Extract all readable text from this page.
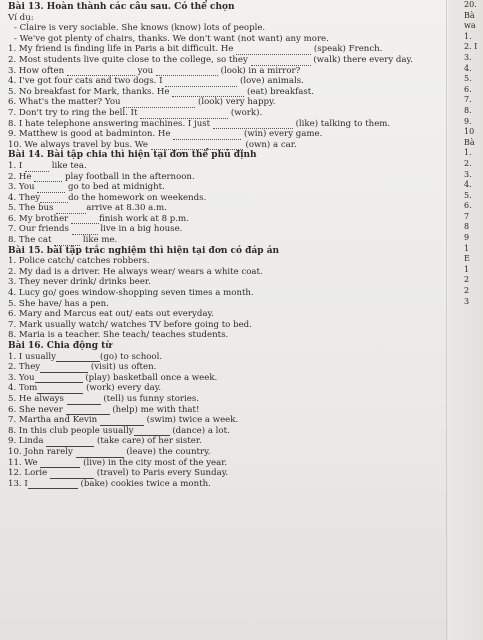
Bài 13. Hoàn thành các câu sau. Có thể chọn
Ví dụ:
- Claire is very sociable. She knows (know) lots of people.
- We've got plenty of chairs, thanks. We don't want (not want) any more.
1. My friend is finding life in Paris a bit difficult. He	(speak) French.
2. Most students live quite close to the college, so they	(walk) there every day.
3. How often	you	(look) in a mirror?
4. I've got four cats and two dogs. I	(love) animals.
5. No breakfast for Mark, thanks. He	(eat) breakfast.
6. What's the matter? You	(look) very happy.
7. Don't try to ring the bell. It	(work).
8. I hate telephone answering machines. I just	(like) talking to them.
9. Matthew is good at badminton. He	(win) every game.
10. We always travel by bus. We	(own) a car.
Bài 14. Bài tập chia thì hiện tại đơn thể phủ định
1. I	like tea.
2. He	play football in the afternoon.
3. You	go to bed at midnight.
4. They	do the homework on weekends.
5. The bus	arrive at 8.30 a.m.
6. My brother	finish work at 8 p.m.
7. Our friends	live in a big house.
8. The cat	like me.
Bài 15. bài tập trắc nghiệm thì hiện tại đơn có đáp án
1. Police catch/ catches robbers.
2. My dad is a driver. He always wear/ wears a white coat.
3. They never drink/ drinks beer.
4. Lucy go/ goes window-shopping seven times a month.
5. She have/ has a pen.
6. Mary and Marcus eat out/ eats out everyday.
7. Mark usually watch/ watches TV before going to bed.
8. Maria is a teacher. She teach/ teaches students.
Bài 16. Chia động từ
1. I usually	(go) to school.
2. They	(visit) us often.
3. You	(play) basketball once a week.
4. Tom	(work) every day.
5. He always	(tell) us funny stories.
6. She never	(help) me with that!
7. Martha and Kevin	(swim) twice a week.
8. In this club people usually	(dance) a lot.
9. Linda	(take care) of her sister.
10. John rarely	(leave) the country.
11. We	(live) in the city most of the year.
12. Lorie	(travel) to Paris every Sunday.
13. I	(bake) cookies twice a month.
20.
Bà
wa
1.
2. I
3.
4.
5.
6.
7.
8.
9.
10
Bà
1.
2.
3.
4.
5.
6.
7
8
9
1
E
1
2
2
3
